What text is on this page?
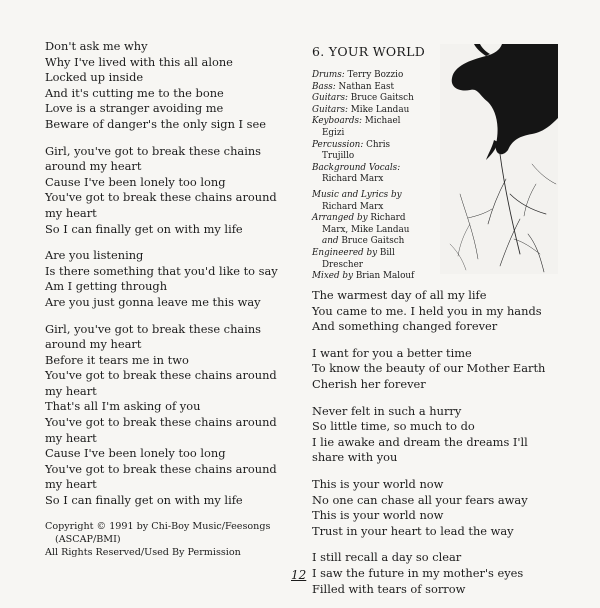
Don't ask me why
Why I've lived with this all alone
Locked up inside
And it's cutting me to the bone
Love is a stranger avoiding me
Beware of danger's the only sign I see
Girl, you've got to break these chains
around my heart
Cause I've been lonely too long
You've got to break these chains around
my heart
So I can finally get on with my life
Are you listening
Is there something that you'd like to say
Am I getting through
Are you just gonna leave me this way
Girl, you've got to break these chains
around my heart
Before it tears me in two
You've got to break these chains around
my heart
That's all I'm asking of you
You've got to break these chains around
my heart
Cause I've been lonely too long
You've got to break these chains around
my heart
So I can finally get on with my life
Copyright © 1991 by Chi-Boy Music/Feesongs
(ASCAP/BMI)
All Rights Reserved/Used By Permission
6. YOUR WORLD
Drums: Terry Bozzio
Bass: Nathan East
Guitars: Bruce Gaitsch
Guitars: Mike Landau
Keyboards: Michael
Egizi
Percussion: Chris
Trujillo
Background Vocals:
Richard Marx
Music and Lyrics by
Richard Marx
Arranged by Richard
Marx, Mike Landau
and Bruce Gaitsch
Engineered by Bill
Drescher
Mixed by Brian Malouf
The warmest day of all my life
You came to me. I held you in my hands
And something changed forever
I want for you a better time
To know the beauty of our Mother Earth
Cherish her forever
Never felt in such a hurry
So little time, so much to do
I lie awake and dream the dreams I'll
share with you
This is your world now
No one can chase all your fears away
This is your world now
Trust in your heart to lead the way
I still recall a day so clear
I saw the future in my mother's eyes
Filled with tears of sorrow
12
